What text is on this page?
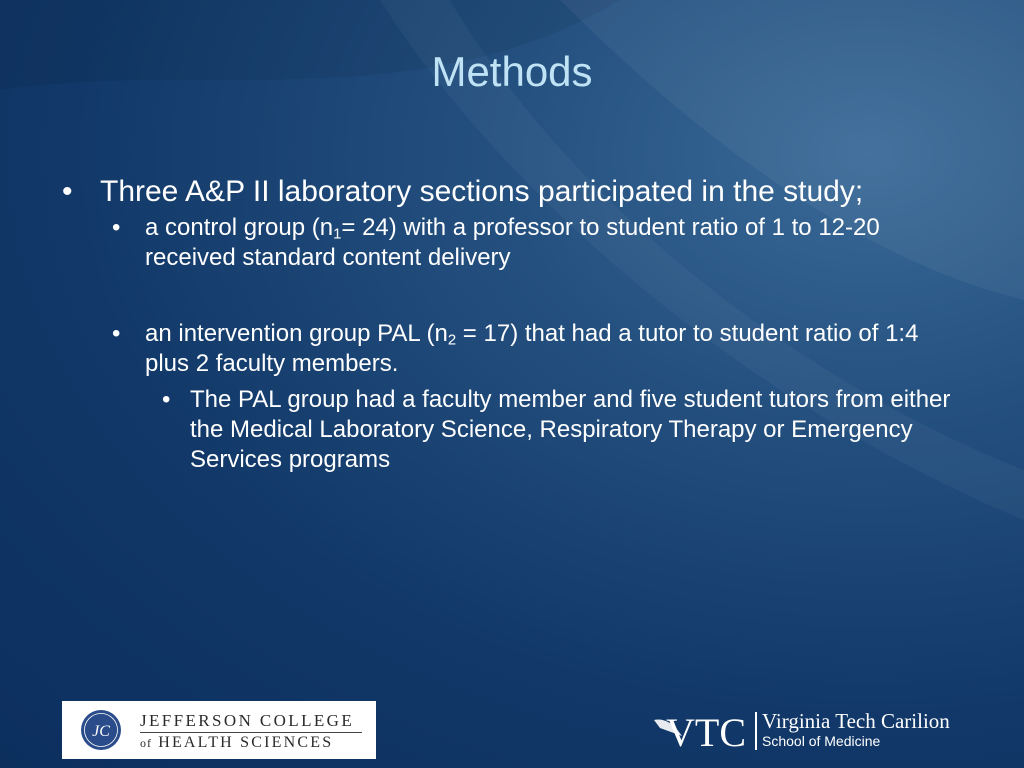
Methods
• Three A&P II laboratory sections participated in the study;
• a control group $(n_1= 24)$ with a professor to student ratio of 1 to 12-20 received standard content delivery
• an intervention group PAL $(n_2 = 17)$ that had a tutor to student ratio of 1:4 plus 2 faculty members.
• The PAL group had a faculty member and five student tutors from either the Medical Laboratory Science, Respiratory Therapy or Emergency Services programs
JC
JEFFERSON COLLEGE
of HEALTH SCIENCES	VTC Virginia Tech Carilion
School of Medicine
